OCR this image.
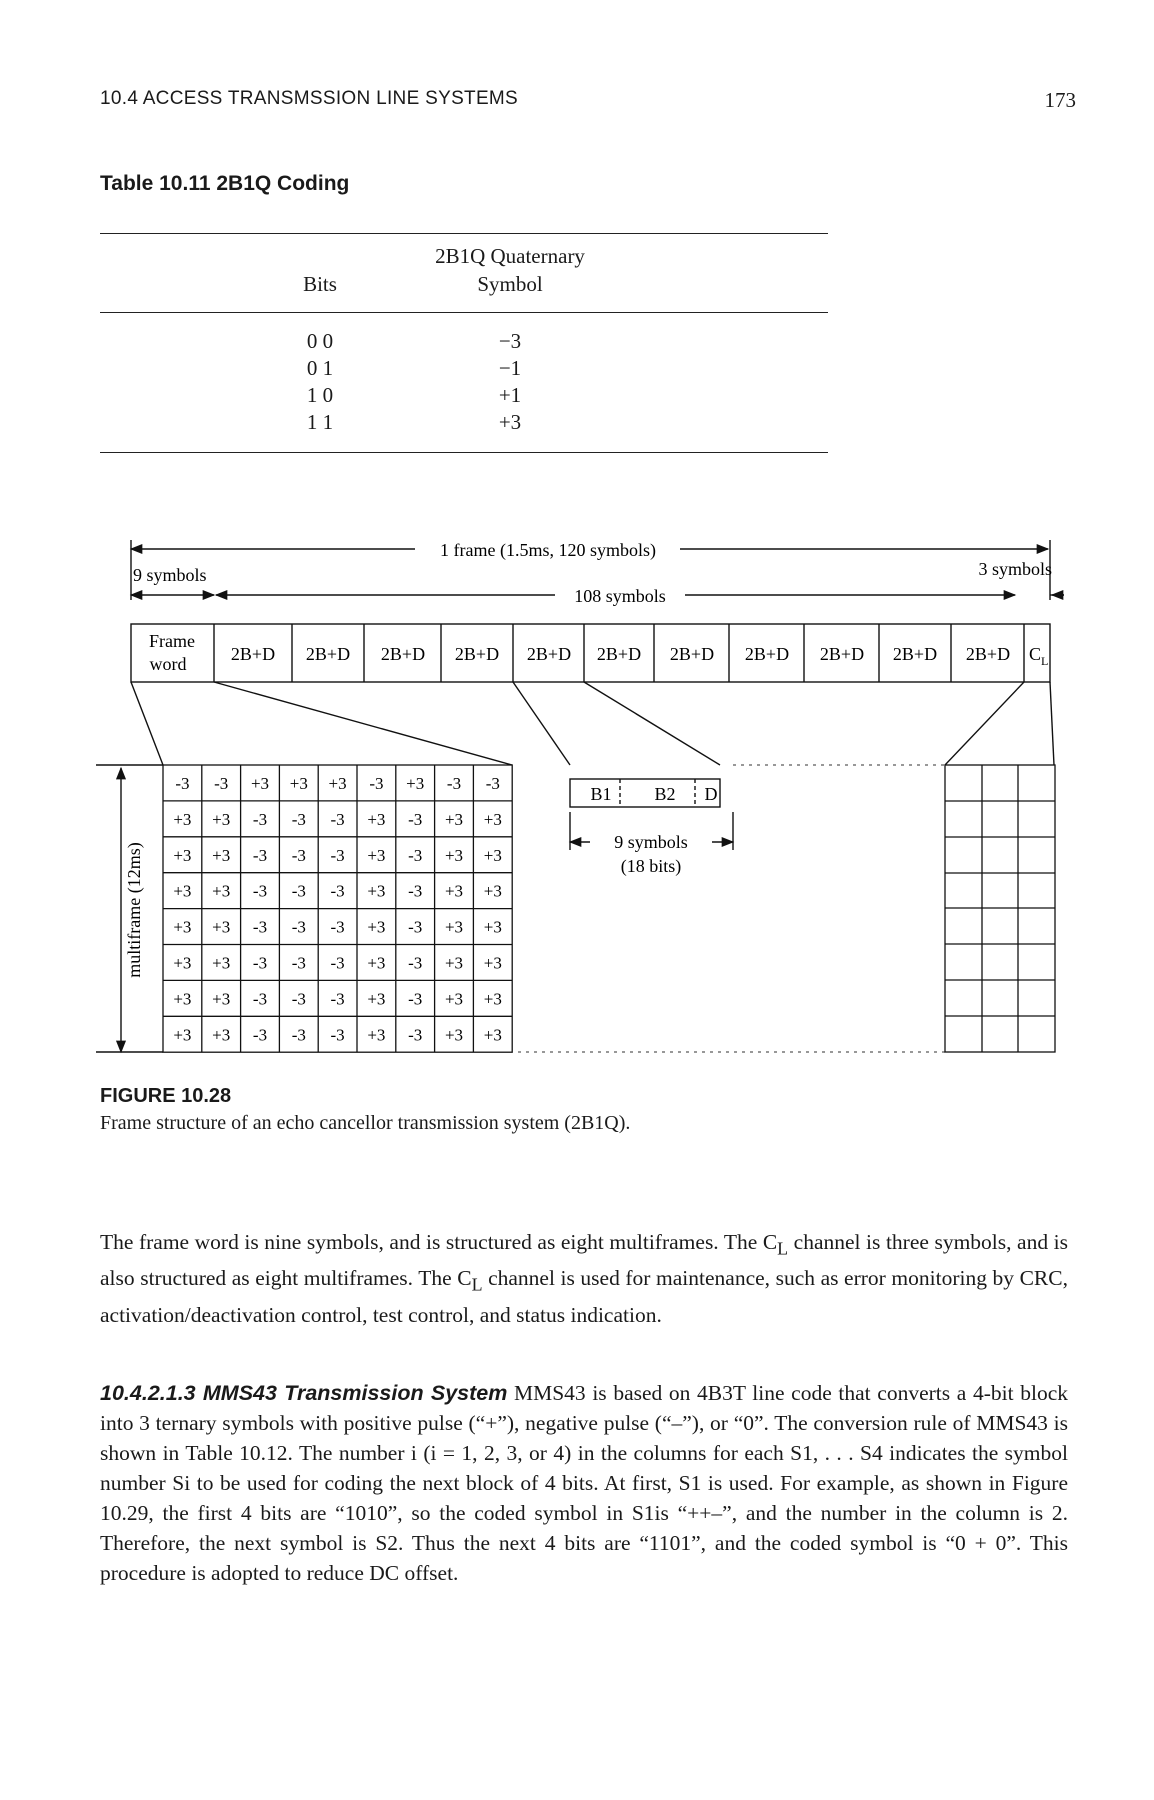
10.4 ACCESS TRANSMSSION LINE SYSTEMS	173
Table 10.11 2B1Q Coding
Bits
2B1Q Quaternary
Symbol
0 0	−3
0 1	−1
1 0	+1
1 1	+3
-3 -3 +3 +3 +3 -3 +3 -3 -3
+3 +3 -3 -3 -3 +3 -3 +3 +3
+3 +3 -3 -3 -3 +3 -3 +3 +3
+3 +3 -3 -3 -3 +3 -3 +3 +3
+3 +3 -3 -3 -3 +3 -3 +3 +3
+3 +3 -3 -3 -3 +3 -3 +3 +3
+3 +3 -3 -3 -3 +3 -3 +3 +3
+3 +3 -3 -3 -3 +3 -3 +3 +3
1 frame (1.5ms, 120 symbols)
9 symbols	3 symbols
108 symbols
Frame
word 2B+D 2B+D 2B+D 2B+D 2B+D 2B+D 2B+D 2B+D 2B+D 2B+D 2B+D $C_L$
multiframe (12ms)
B1 B2 D
9 symbols
(18 bits)
FIGURE 10.28
Frame structure of an echo cancellor transmission system (2B1Q).
The frame word is nine symbols, and is structured as eight multiframes. The $C_L$ channel is three symbols, and is also structured as eight multiframes. The $C_L$ channel is used for maintenance, such as error monitoring by CRC, activation/deactivation control, test control, and status indication.
10.4.2.1.3 MMS43 Transmission System MMS43 is based on 4B3T line code that converts a 4-bit block into 3 ternary symbols with positive pulse (“+”), negative pulse (“–”), or “0”. The conversion rule of MMS43 is shown in Table 10.12. The number i (i = 1, 2, 3, or 4) in the columns for each S1, . . . S4 indicates the symbol number Si to be used for coding the next block of 4 bits. At first, S1 is used. For example, as shown in Figure 10.29, the first 4 bits are “1010”, so the coded symbol in S1is “++–”, and the number in the column is 2. Therefore, the next symbol is S2. Thus the next 4 bits are “1101”, and the coded symbol is “0 + 0”. This procedure is adopted to reduce DC offset.
